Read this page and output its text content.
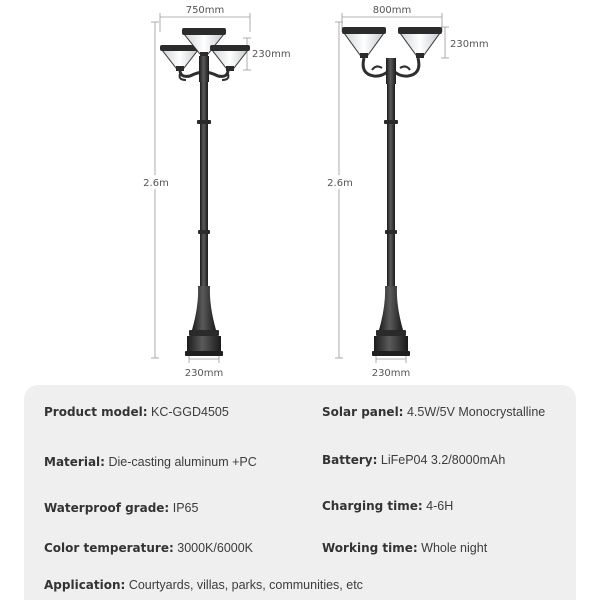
750mm
230mm
2.6m
230mm
800mm
230mm
2.6m
230mm
Product model: KC-GGD4505
Material: Die-casting aluminum +PC
Waterproof grade: IP65
Color temperature: 3000K/6000K
Application: Courtyards, villas, parks, communities, etc
Solar panel: 4.5W/5V Monocrystalline
Battery: LiFeP04 3.2/8000mAh
Charging time: 4-6H
Working time: Whole night
